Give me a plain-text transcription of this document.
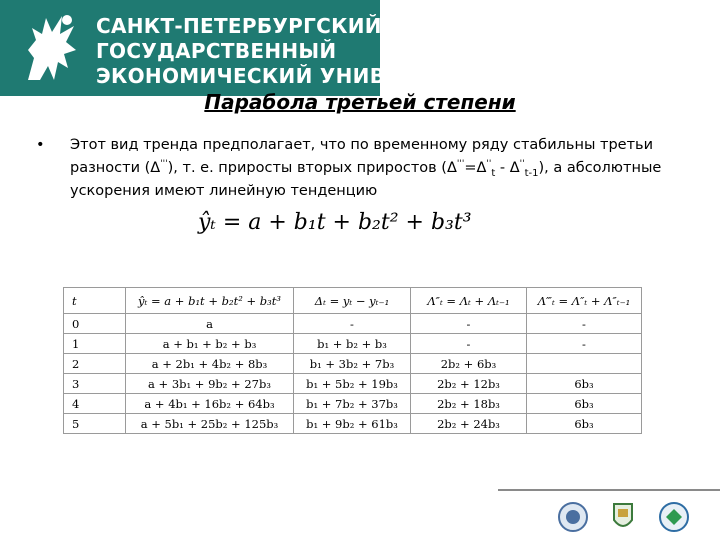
САНКТ-ПЕТЕРБУРГСКИЙ
ГОСУДАРСТВЕННЫЙ
ЭКОНОМИЧЕСКИЙ УНИВЕРСИТЕТ
Парабола третьей степени
• Этот вид тренда предполагает, что по временному ряду стабильны третьи разности (Δ'''), т. е. приросты вторых приростов $(\Delta'''=\Delta''_t - \Delta''_{t-1})$, а абсолютные ускорения имеют линейную тенденцию
ŷₜ = a + b₁t + b₂t² + b₃t³
t	ŷₜ = a + b₁t + b₂t² + b₃t³	Δₜ = yₜ − yₜ₋₁	Λ″ₜ = Λₜ + Λₜ₋₁	Λ‴ₜ = Λ″ₜ + Λ″ₜ₋₁
0	a	-	-	-
1	a + b₁ + b₂ + b₃	b₁ + b₂ + b₃	-	-
2	a + 2b₁ + 4b₂ + 8b₃	b₁ + 3b₂ + 7b₃	2b₂ + 6b₃	
3	a + 3b₁ + 9b₂ + 27b₃	b₁ + 5b₂ + 19b₃	2b₂ + 12b₃	6b₃
4	a + 4b₁ + 16b₂ + 64b₃	b₁ + 7b₂ + 37b₃	2b₂ + 18b₃	6b₃
5	a + 5b₁ + 25b₂ + 125b₃	b₁ + 9b₂ + 61b₃	2b₂ + 24b₃	6b₃
